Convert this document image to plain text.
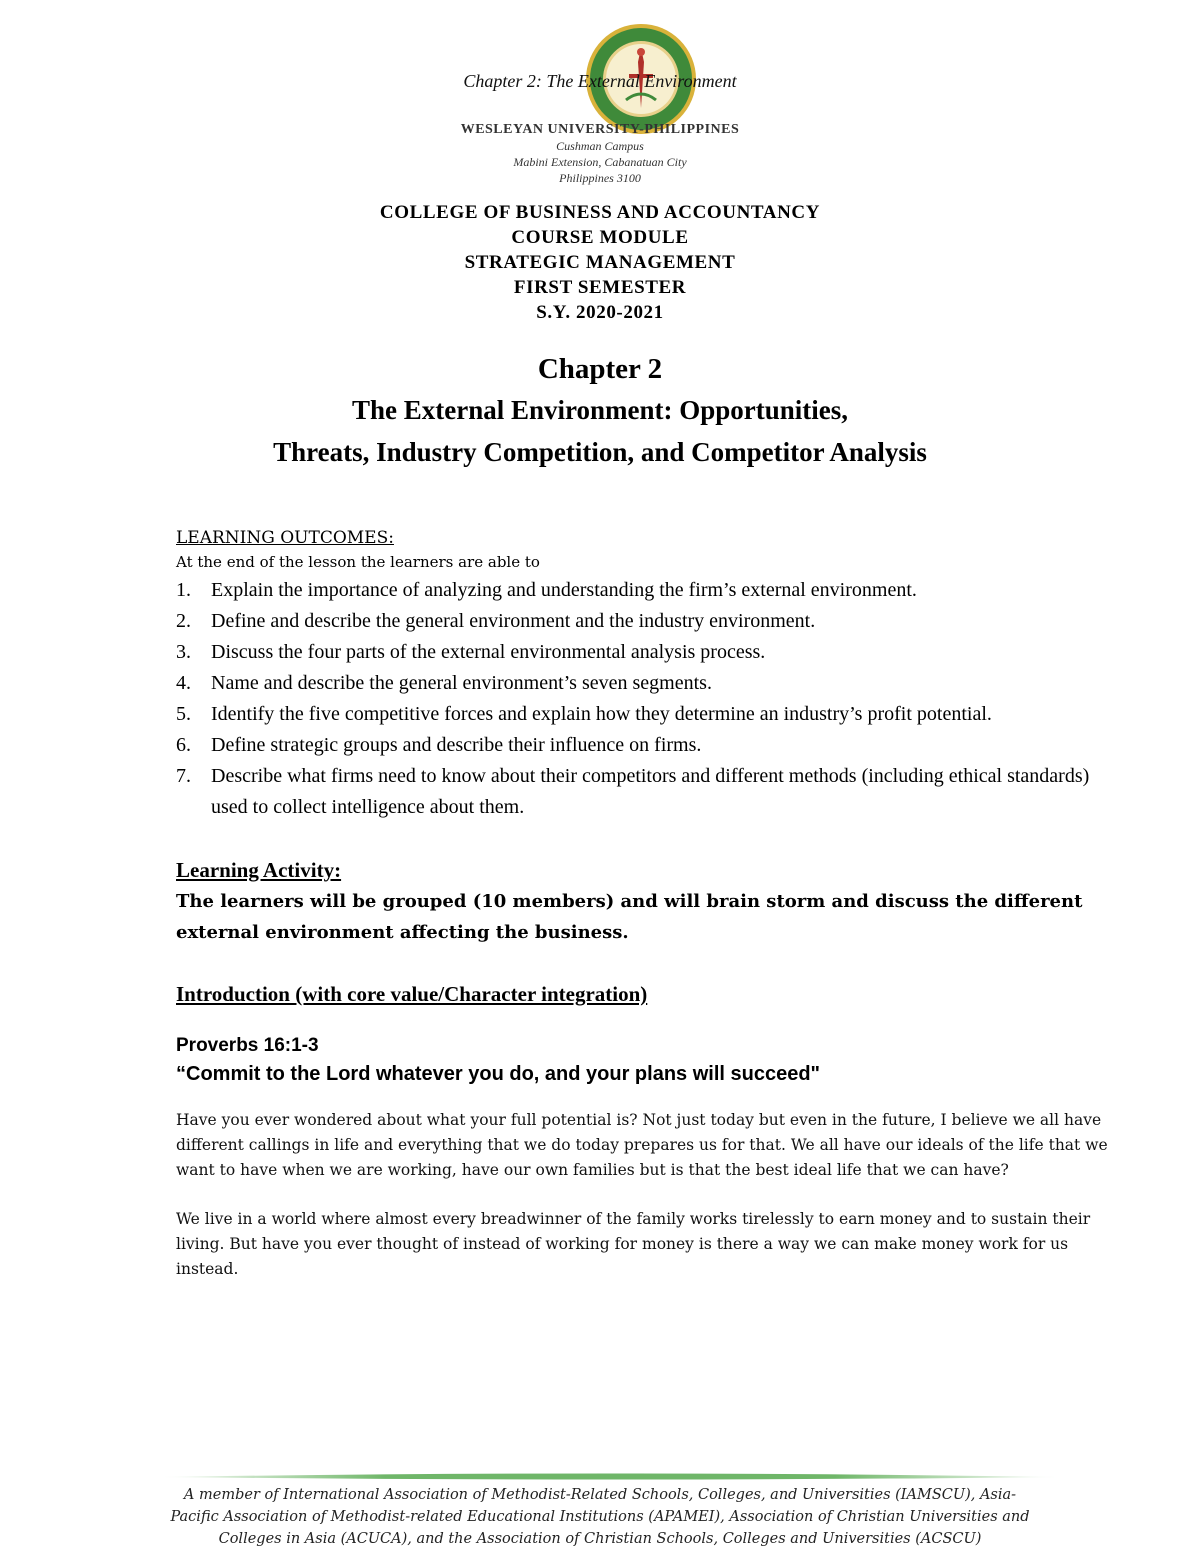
Chapter 2: The External Environment
WESLEYAN UNIVERSITY-PHILIPPINES
Cushman Campus
Mabini Extension, Cabanatuan City
Philippines 3100
COLLEGE OF BUSINESS AND ACCOUNTANCY
COURSE MODULE
STRATEGIC MANAGEMENT
FIRST SEMESTER
S.Y. 2020-2021
Chapter 2
The External Environment: Opportunities,
Threats, Industry Competition, and Competitor Analysis
LEARNING OUTCOMES:
At the end of the lesson the learners are able to
1. Explain the importance of analyzing and understanding the firm’s external environment.
2. Define and describe the general environment and the industry environment.
3. Discuss the four parts of the external environmental analysis process.
4. Name and describe the general environment’s seven segments.
5. Identify the five competitive forces and explain how they determine an industry’s profit potential.
6. Define strategic groups and describe their influence on firms.
7. Describe what firms need to know about their competitors and different methods (including ethical standards) used to collect intelligence about them.
Learning Activity:
The learners will be grouped (10 members) and will brain storm and discuss the different external environment affecting the business.
Introduction (with core value/Character integration)
Proverbs 16:1-3
“Commit to the Lord whatever you do, and your plans will succeed"
Have you ever wondered about what your full potential is? Not just today but even in the future, I believe we all have different callings in life and everything that we do today prepares us for that. We all have our ideals of the life that we want to have when we are working, have our own families but is that the best ideal life that we can have?
We live in a world where almost every breadwinner of the family works tirelessly to earn money and to sustain their living. But have you ever thought of instead of working for money is there a way we can make money work for us instead.
A member of International Association of Methodist-Related Schools, Colleges, and Universities (IAMSCU), Asia-
Pacific Association of Methodist-related Educational Institutions (APAMEI), Association of Christian Universities and
Colleges in Asia (ACUCA), and the Association of Christian Schools, Colleges and Universities (ACSCU)
